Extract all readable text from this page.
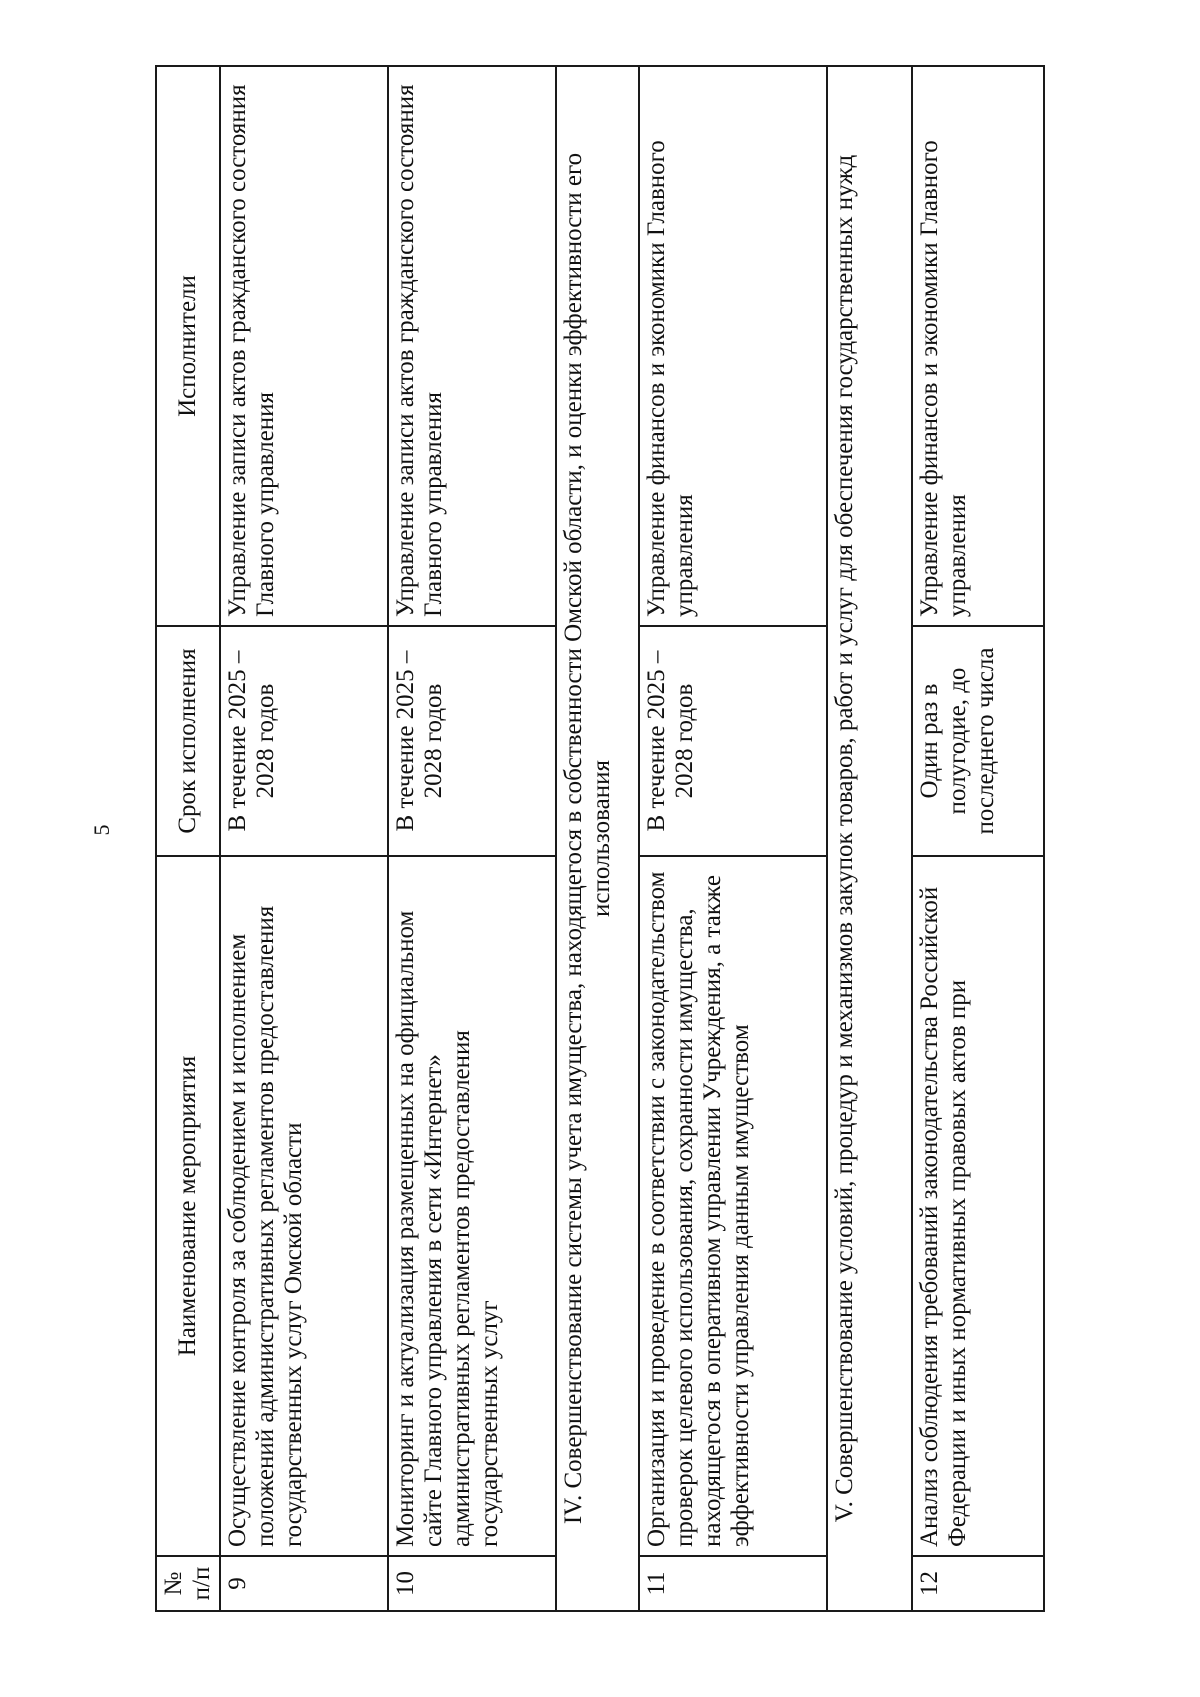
5
№ п/п	Наименование мероприятия	Срок исполнения	Исполнители
9	Осуществление контроля за соблюдением и исполнением положений административных регламентов предоставления государственных услуг Омской области	В течение 2025 – 2028 годов	Управление записи актов гражданского состояния Главного управления
10	Мониторинг и актуализация размещенных на официальном сайте Главного управления в сети «Интернет» административных регламентов предоставления государственных услуг	В течение 2025 – 2028 годов	Управление записи актов гражданского состояния Главного управления
IV. Совершенствование системы учета имущества, находящегося в собственности Омской области, и оценки эффективности его использования			
11	Организация и проведение в соответствии с законодательством проверок целевого использования, сохранности имущества, находящегося в оперативном управлении Учреждения, а также эффективности управления данным имуществом	В течение 2025 – 2028 годов	Управление финансов и экономики Главного управления
V. Совершенствование условий, процедур и механизмов закупок товаров, работ и услуг для обеспечения государственных нужд			
12	Анализ соблюдения требований законодательства Российской Федерации и иных нормативных правовых актов при	Один раз в полугодие, до последнего числа	Управление финансов и экономики Главного управления
